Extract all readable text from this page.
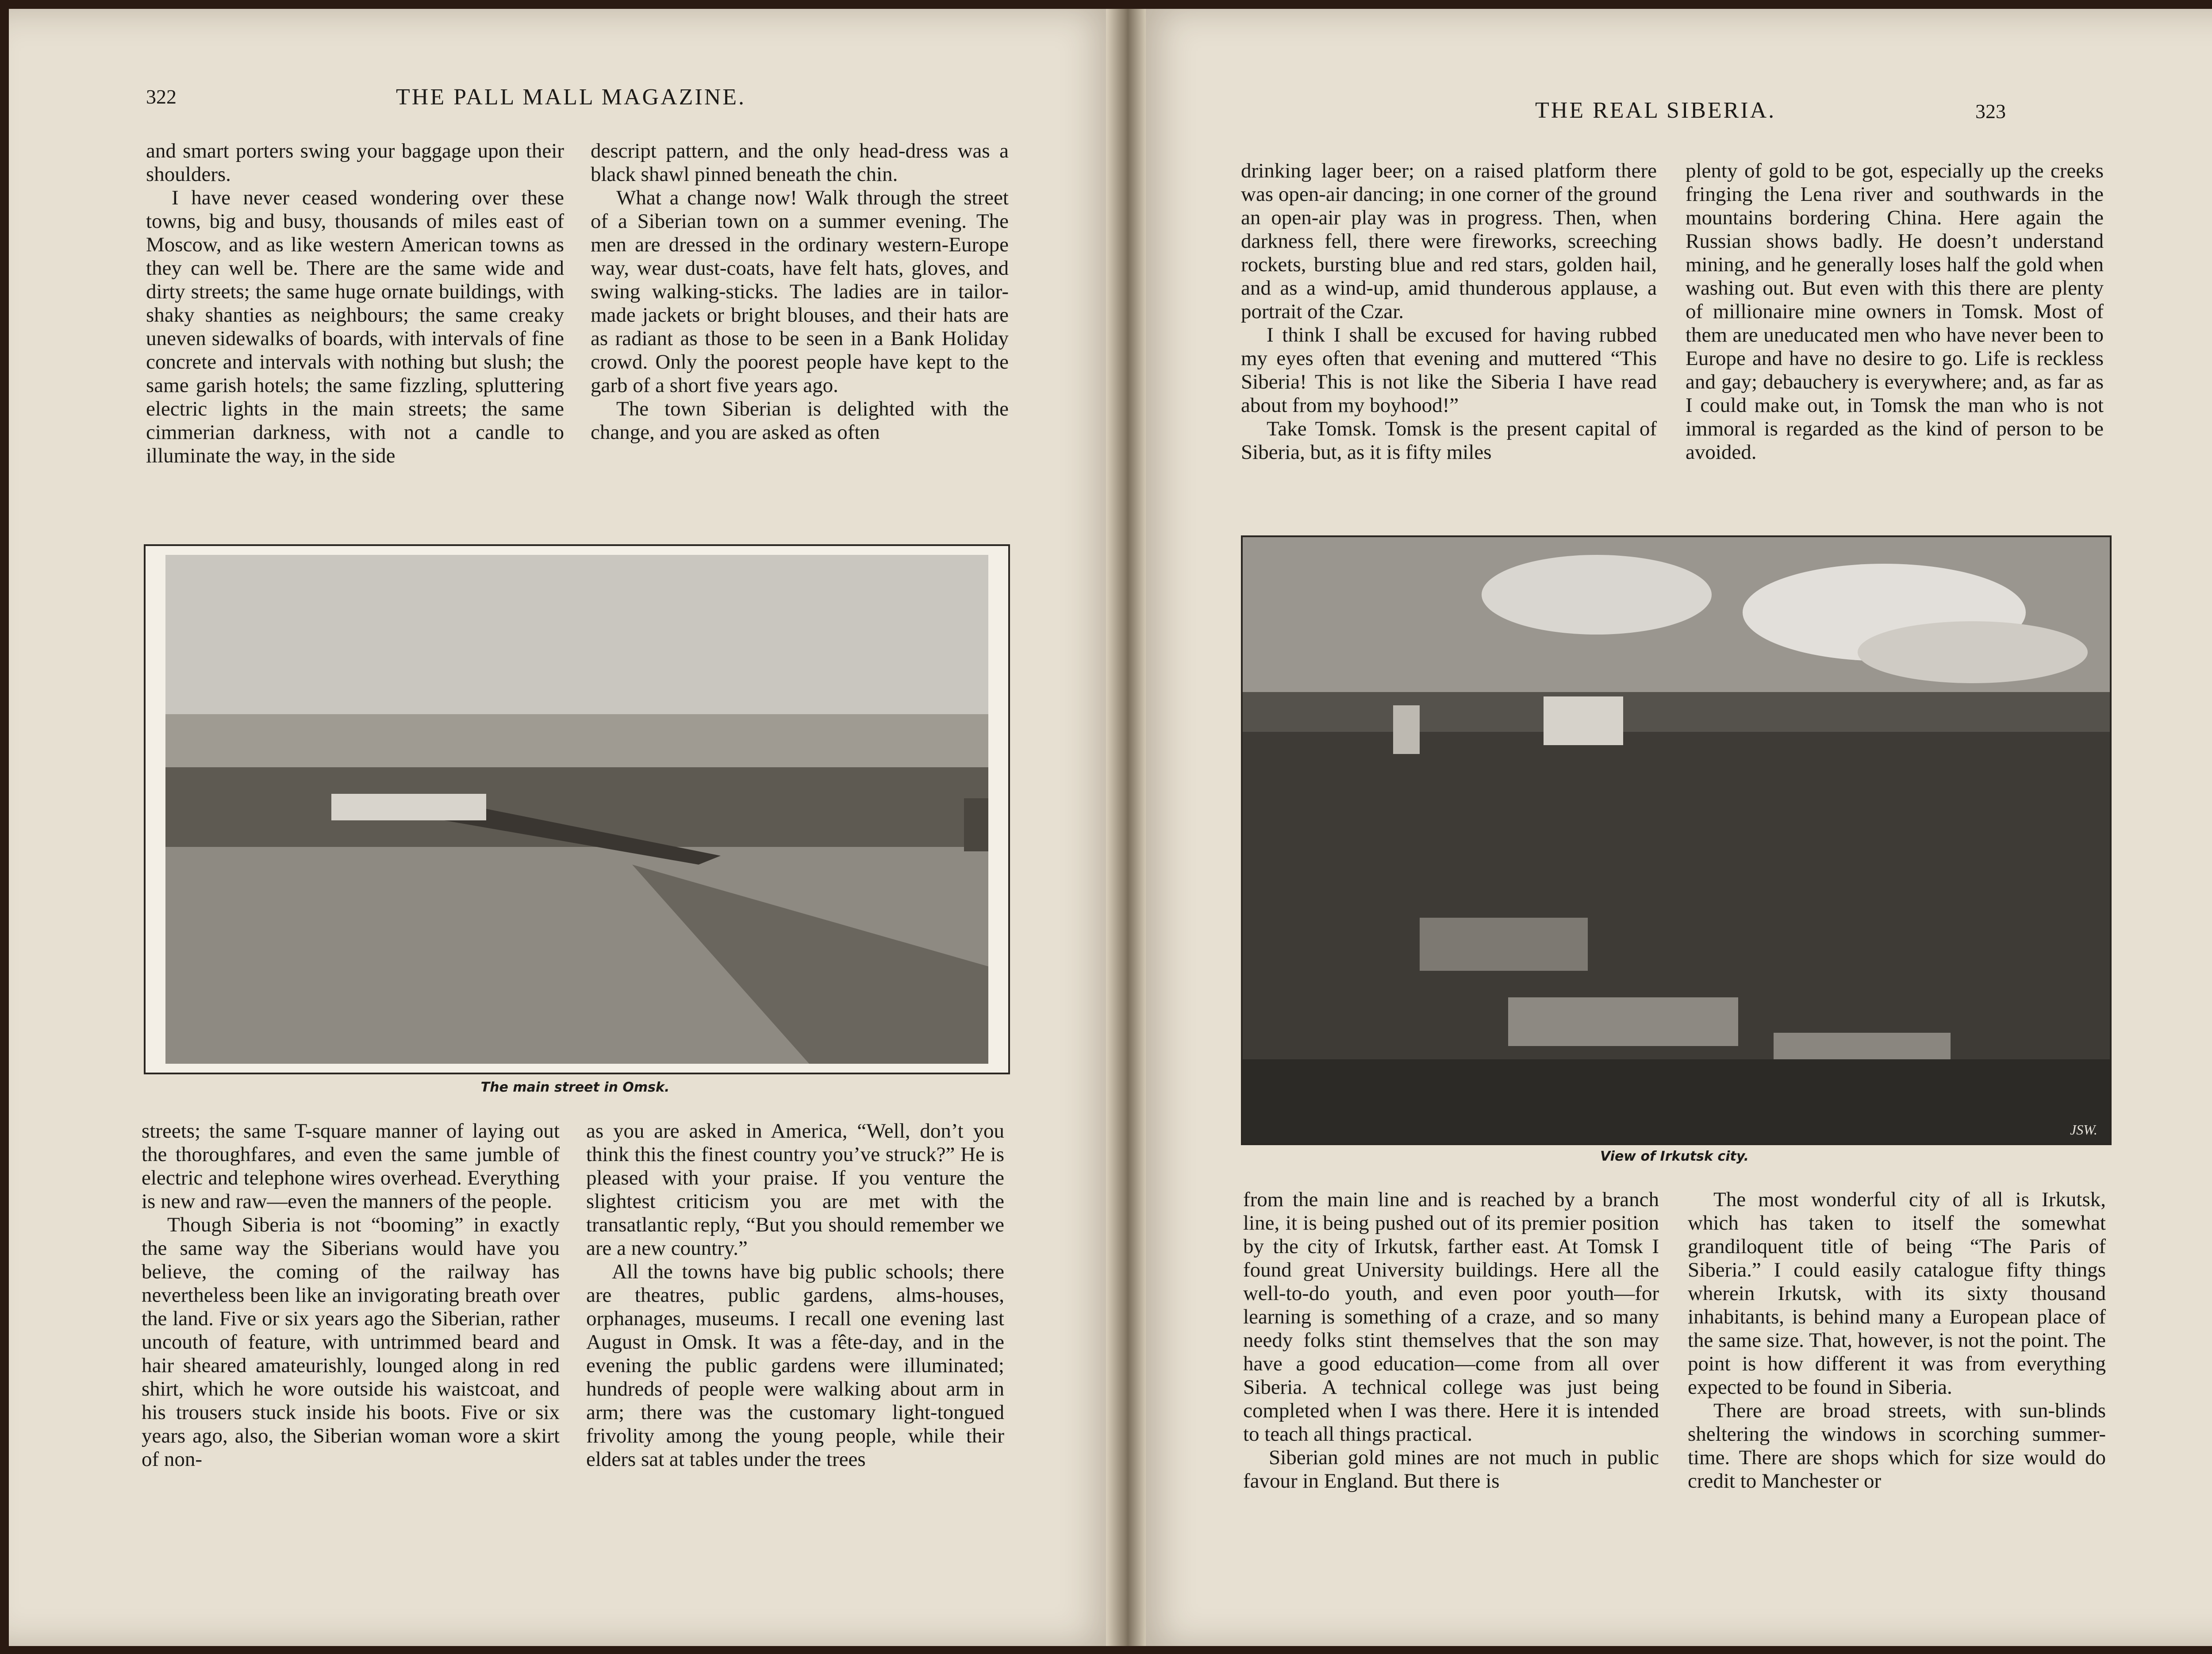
322	THE PALL MALL MAGAZINE.

and smart porters swing your baggage upon their shoulders.

I have never ceased wondering over these towns, big and busy, thousands of miles east of Moscow, and as like western American towns as they can well be. There are the same wide and dirty streets; the same huge ornate buildings, with shaky shanties as neighbours; the same creaky uneven sidewalks of boards, with intervals of fine concrete and intervals with nothing but slush; the same garish hotels; the same fizzling, spluttering electric lights in the main streets; the same cimmerian darkness, with not a candle to illuminate the way, in the side

descript pattern, and the only head-dress was a black shawl pinned beneath the chin.

What a change now! Walk through the street of a Siberian town on a summer evening. The men are dressed in the ordinary western-Europe way, wear dust-coats, have felt hats, gloves, and swing walking-sticks. The ladies are in tailor-made jackets or bright blouses, and their hats are as radiant as those to be seen in a Bank Holiday crowd. Only the poorest people have kept to the garb of a short five years ago.

The town Siberian is delighted with the change, and you are asked as often

The main street in Omsk.

streets; the same T-square manner of laying out the thoroughfares, and even the same jumble of electric and telephone wires overhead. Everything is new and raw—even the manners of the people.

Though Siberia is not “booming” in exactly the same way the Siberians would have you believe, the coming of the railway has nevertheless been like an invigorating breath over the land. Five or six years ago the Siberian, rather uncouth of feature, with untrimmed beard and hair sheared amateurishly, lounged along in red shirt, which he wore outside his waistcoat, and his trousers stuck inside his boots. Five or six years ago, also, the Siberian woman wore a skirt of non-

as you are asked in America, “Well, don’t you think this the finest country you’ve struck?” He is pleased with your praise. If you venture the slightest criticism you are met with the transatlantic reply, “But you should remember we are a new country.”

All the towns have big public schools; there are theatres, public gardens, alms-houses, orphanages, museums. I recall one evening last August in Omsk. It was a fête-day, and in the evening the public gardens were illuminated; hundreds of people were walking about arm in arm; there was the customary light-tongued frivolity among the young people, while their elders sat at tables under the trees

THE REAL SIBERIA.	323

drinking lager beer; on a raised platform there was open-air dancing; in one corner of the ground an open-air play was in progress. Then, when darkness fell, there were fireworks, screeching rockets, bursting blue and red stars, golden hail, and as a wind-up, amid thunderous applause, a portrait of the Czar.

I think I shall be excused for having rubbed my eyes often that evening and muttered “This Siberia! This is not like the Siberia I have read about from my boyhood!”

Take Tomsk. Tomsk is the present capital of Siberia, but, as it is fifty miles

plenty of gold to be got, especially up the creeks fringing the Lena river and southwards in the mountains bordering China. Here again the Russian shows badly. He doesn’t understand mining, and he generally loses half the gold when washing out. But even with this there are plenty of millionaire mine owners in Tomsk. Most of them are uneducated men who have never been to Europe and have no desire to go. Life is reckless and gay; debauchery is everywhere; and, as far as I could make out, in Tomsk the man who is not immoral is regarded as the kind of person to be avoided.

JSW.
View of Irkutsk city.

from the main line and is reached by a branch line, it is being pushed out of its premier position by the city of Irkutsk, farther east. At Tomsk I found great University buildings. Here all the well-to-do youth, and even poor youth—for learning is something of a craze, and so many needy folks stint themselves that the son may have a good education—come from all over Siberia. A technical college was just being completed when I was there. Here it is intended to teach all things practical.

Siberian gold mines are not much in public favour in England. But there is

The most wonderful city of all is Irkutsk, which has taken to itself the somewhat grandiloquent title of being “The Paris of Siberia.” I could easily catalogue fifty things wherein Irkutsk, with its sixty thousand inhabitants, is behind many a European place of the same size. That, however, is not the point. The point is how different it was from everything expected to be found in Siberia.

There are broad streets, with sun-blinds sheltering the windows in scorching summer-time. There are shops which for size would do credit to Manchester or
